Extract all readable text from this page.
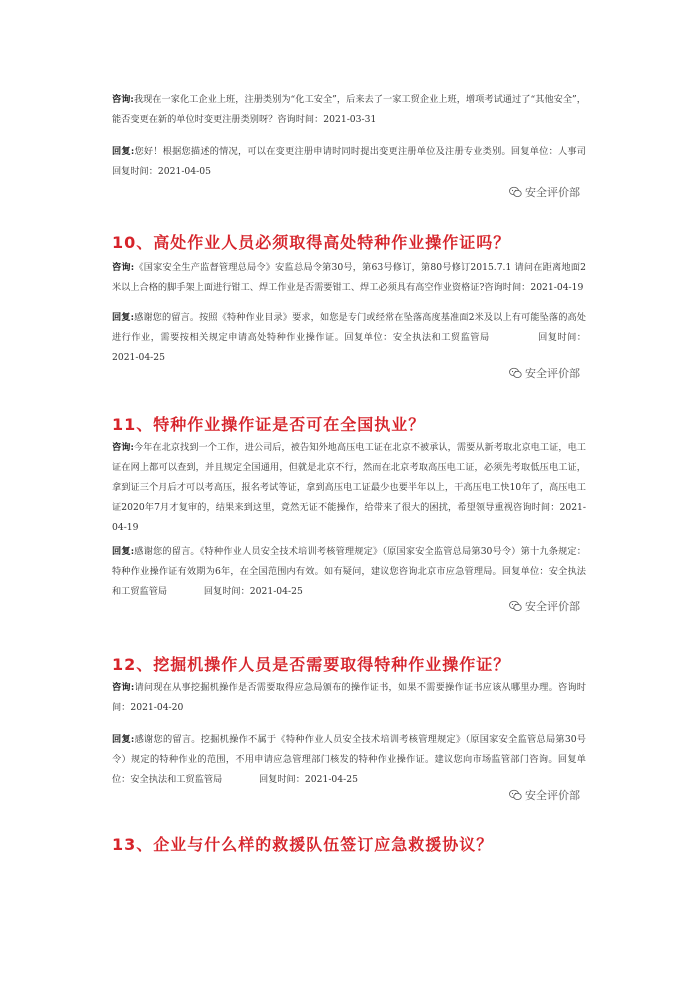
咨询:我现在一家化工企业上班，注册类别为“化工安全”，后来去了一家工贸企业上班，增项考试通过了“其他安全”，能否变更在新的单位时变更注册类别呀？咨询时间：2021-03-31

回复:您好！根据您描述的情况，可以在变更注册申请时同时提出变更注册单位及注册专业类别。回复单位：人事司　　　　　回复时间：2021-04-05

安全评价部
10、高处作业人员必须取得高处特种作业操作证吗？

咨询:《国家安全生产监督管理总局令》安监总局令第30号，第63号修订，第80号修订2015.7.1 请问在距离地面2米以上合格的脚手架上面进行钳工、焊工作业是否需要钳工、焊工必须具有高空作业资格证?咨询时间：2021-04-19

回复:感谢您的留言。按照《特种作业目录》要求，如您是专门或经常在坠落高度基准面2米及以上有可能坠落的高处进行作业，需要按相关规定申请高处特种作业操作证。回复单位：安全执法和工贸监管局　　　　　回复时间：2021-04-25

安全评价部
11、特种作业操作证是否可在全国执业？

咨询:今年在北京找到一个工作，进公司后，被告知外地高压电工证在北京不被承认，需要从新考取北京电工证，电工证在网上都可以查到，并且规定全国通用，但就是北京不行，然而在北京考取高压电工证，必须先考取低压电工证，拿到证三个月后才可以考高压，报名考试等证，拿到高压电工证最少也要半年以上，干高压电工快10年了，高压电工证2020年7月才复审的，结果来到这里，竟然无证不能操作，给带来了很大的困扰，希望领导重视咨询时间：2021-04-19

回复:感谢您的留言。《特种作业人员安全技术培训考核管理规定》（原国家安全监管总局第30号令）第十九条规定：特种作业操作证有效期为6年，在全国范围内有效。如有疑问，建议您咨询北京市应急管理局。回复单位：安全执法和工贸监管局　　　　回复时间：2021-04-25

安全评价部
12、挖掘机操作人员是否需要取得特种作业操作证？

咨询:请问现在从事挖掘机操作是否需要取得应急局颁布的操作证书，如果不需要操作证书应该从哪里办理。咨询时间：2021-04-20

回复:感谢您的留言。挖掘机操作不属于《特种作业人员安全技术培训考核管理规定》（原国家安全监管总局第30号令）规定的特种作业的范围，不用申请应急管理部门核发的特种作业操作证。建议您向市场监管部门咨询。回复单位：安全执法和工贸监管局　　　　回复时间：2021-04-25

安全评价部
13、企业与什么样的救援队伍签订应急救援协议？
